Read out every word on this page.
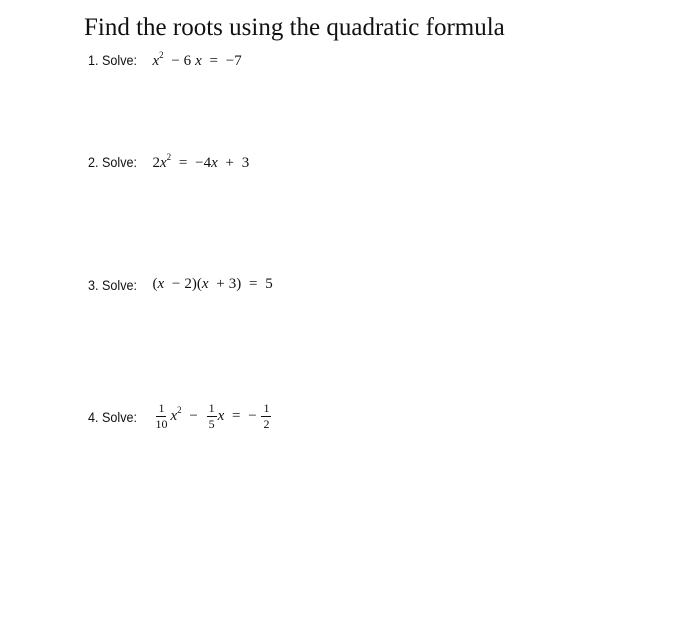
Find the roots using the quadratic formula
1. Solve: $x^2 - 6$ x = −7
2. Solve: $2x^2 = -4x + 3$
3. Solve: (x − 2)(x + 3) = 5
4. Solve: $\frac{1}{10} x^2 - \frac{1}{5}$ x = − $\frac{1}{2}$
